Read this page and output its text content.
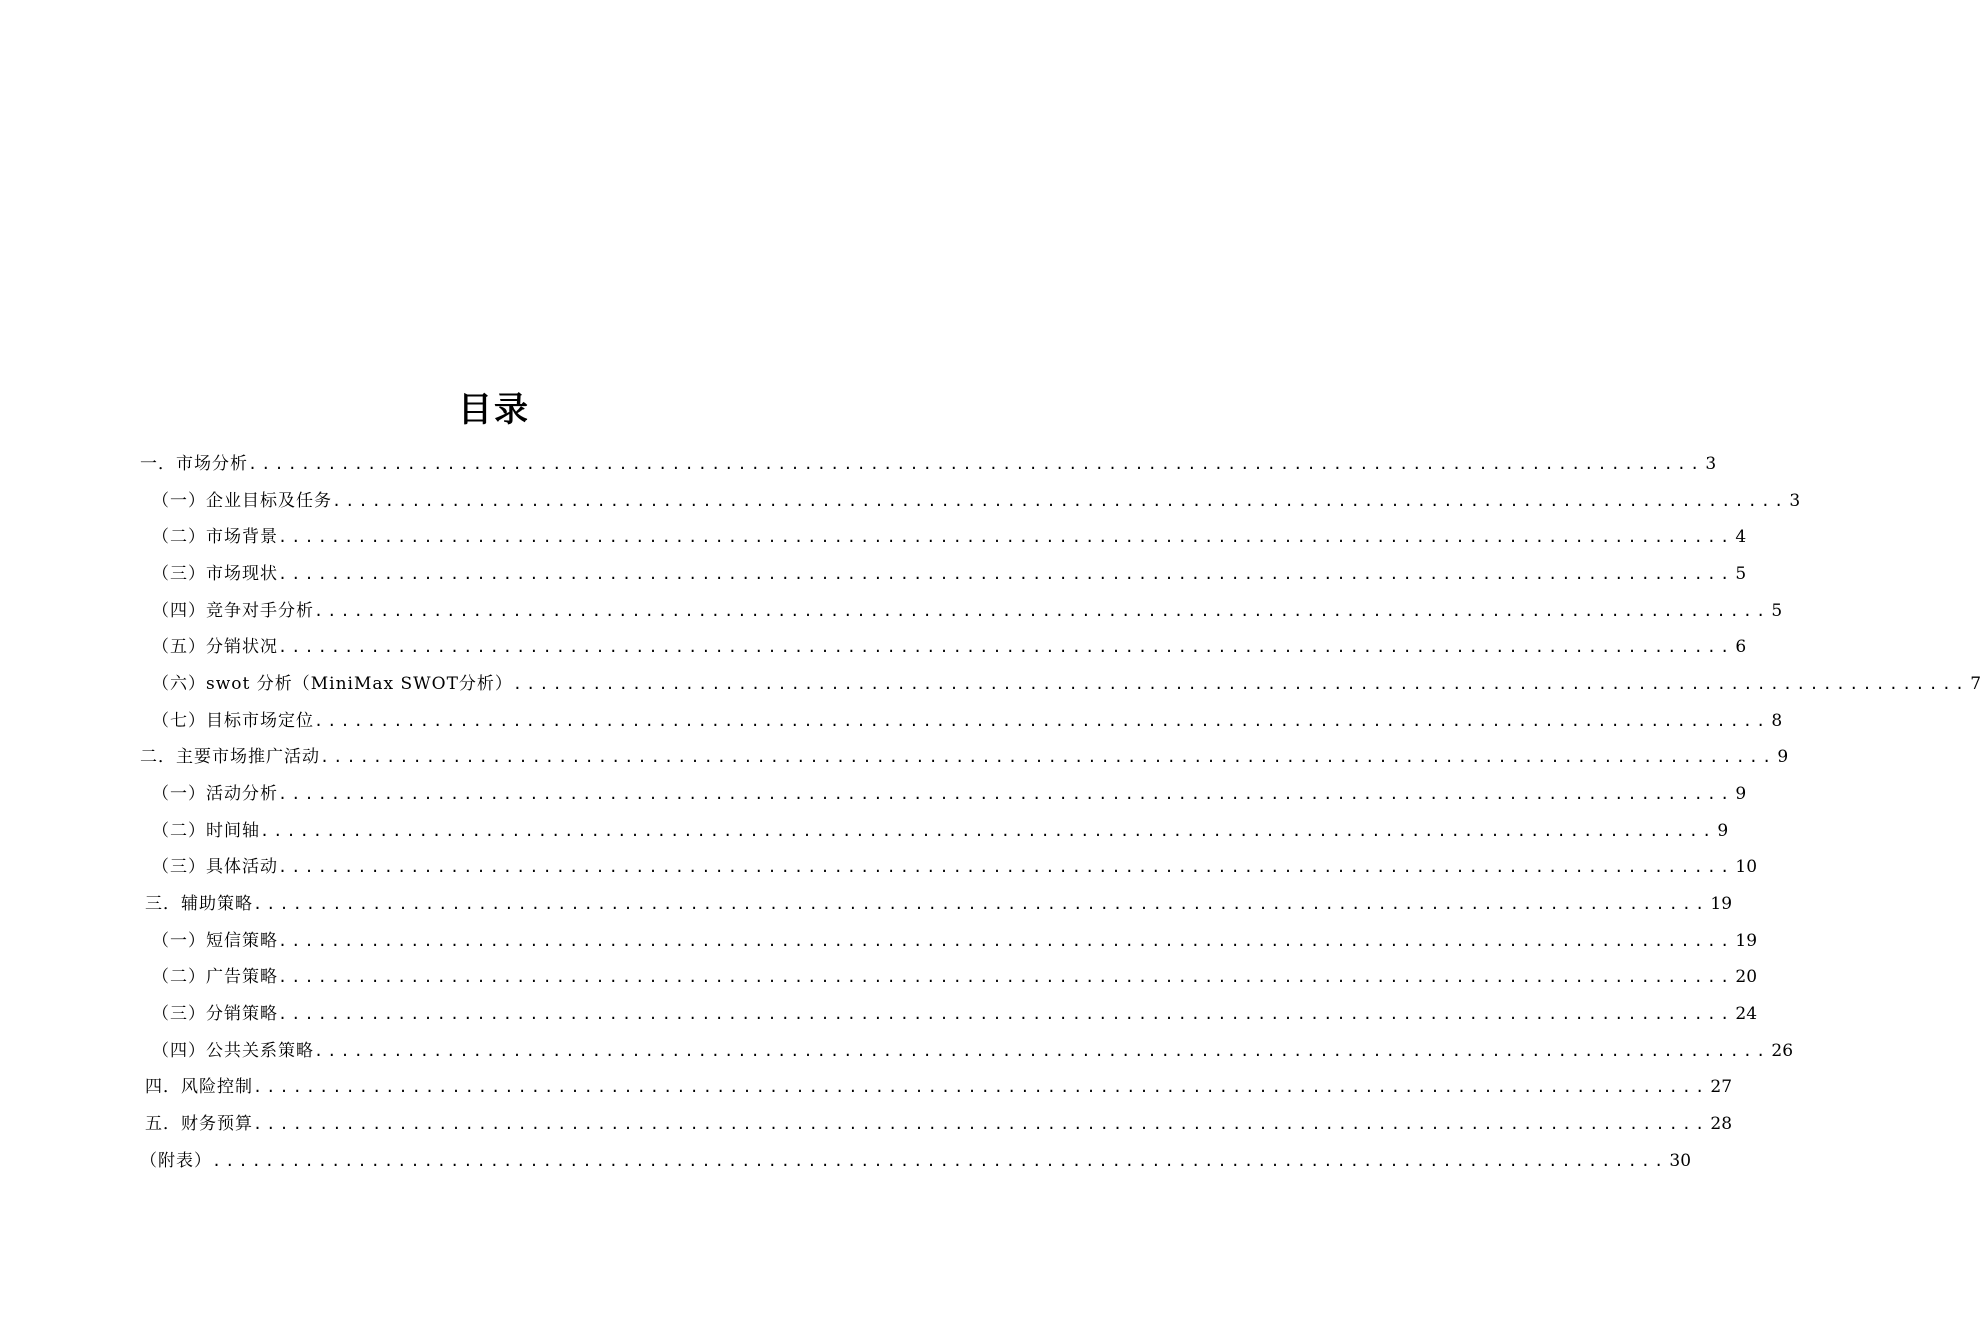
目录
一．市场分析 .............................................................................................................. 3
（一）企业目标及任务 .............................................................................................................. 3
（二）市场背景 .............................................................................................................. 4
（三）市场现状 .............................................................................................................. 5
（四）竞争对手分析 .............................................................................................................. 5
（五）分销状况 .............................................................................................................. 6
（六）swot 分析（MiniMax SWOT分析） .............................................................................................................. 7
（七）目标市场定位 .............................................................................................................. 8
二．主要市场推广活动 .............................................................................................................. 9
（一）活动分析 .............................................................................................................. 9
（二）时间轴 .............................................................................................................. 9
（三）具体活动 .............................................................................................................. 10
三．辅助策略 .............................................................................................................. 19
（一）短信策略 .............................................................................................................. 19
（二）广告策略 .............................................................................................................. 20
（三）分销策略 .............................................................................................................. 24
（四）公共关系策略 .............................................................................................................. 26
四．风险控制 .............................................................................................................. 27
五．财务预算 .............................................................................................................. 28
（附表） .............................................................................................................. 30
